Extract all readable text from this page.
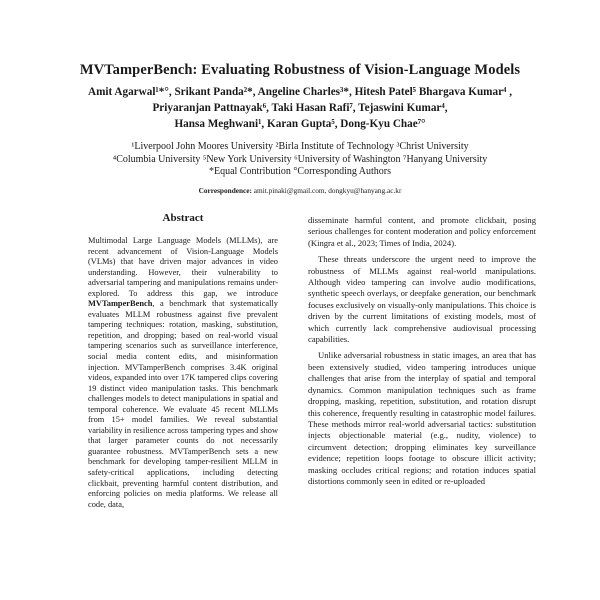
MVTamperBench: Evaluating Robustness of Vision-Language Models
Amit Agarwal¹*°, Srikant Panda²*, Angeline Charles³*, Hitesh Patel⁵ Bhargava Kumar⁴ ,
Priyaranjan Pattnayak⁶, Taki Hasan Rafi⁷, Tejaswini Kumar⁴,
Hansa Meghwani¹, Karan Gupta⁵, Dong-Kyu Chae⁷°
¹Liverpool John Moores University ²Birla Institute of Technology ³Christ University
⁴Columbia University ⁵New York University ⁶University of Washington ⁷Hanyang University
*Equal Contribution °Corresponding Authors
Correspondence: amit.pinaki@gmail.com, dongkyu@hanyang.ac.kr
Abstract
Multimodal Large Language Models (MLLMs), are recent advancement of Vision-Language Models (VLMs) that have driven major advances in video understanding. However, their vulnerability to adversarial tampering and manipulations remains under-explored. To address this gap, we introduce MVTamperBench, a benchmark that systematically evaluates MLLM robustness against five prevalent tampering techniques: rotation, masking, substitution, repetition, and dropping; based on real-world visual tampering scenarios such as surveillance interference, social media content edits, and misinformation injection. MVTamperBench comprises 3.4K original videos, expanded into over 17K tampered clips covering 19 distinct video manipulation tasks. This benchmark challenges models to detect manipulations in spatial and temporal coherence. We evaluate 45 recent MLLMs from 15+ model families. We reveal substantial variability in resilience across tampering types and show that larger parameter counts do not necessarily guarantee robustness. MVTamperBench sets a new benchmark for developing tamper-resilient MLLM in safety-critical applications, including detecting clickbait, preventing harmful content distribution, and enforcing policies on media platforms. We release all code, data,

disseminate harmful content, and promote clickbait, posing serious challenges for content moderation and policy enforcement (Kingra et al., 2023; Times of India, 2024).

These threats underscore the urgent need to improve the robustness of MLLMs against real-world manipulations. Although video tampering can involve audio modifications, synthetic speech overlays, or deepfake generation, our benchmark focuses exclusively on visually-only manipulations. This choice is driven by the current limitations of existing models, most of which currently lack comprehensive audiovisual processing capabilities.

Unlike adversarial robustness in static images, an area that has been extensively studied, video tampering introduces unique challenges that arise from the interplay of spatial and temporal dynamics. Common manipulation techniques such as frame dropping, masking, repetition, substitution, and rotation disrupt this coherence, frequently resulting in catastrophic model failures. These methods mirror real-world adversarial tactics: substitution injects objectionable material (e.g., nudity, violence) to circumvent detection; dropping eliminates key surveillance evidence; repetition loops footage to obscure illicit activity; masking occludes critical regions; and rotation induces spatial distortions commonly seen in edited or re-uploaded
